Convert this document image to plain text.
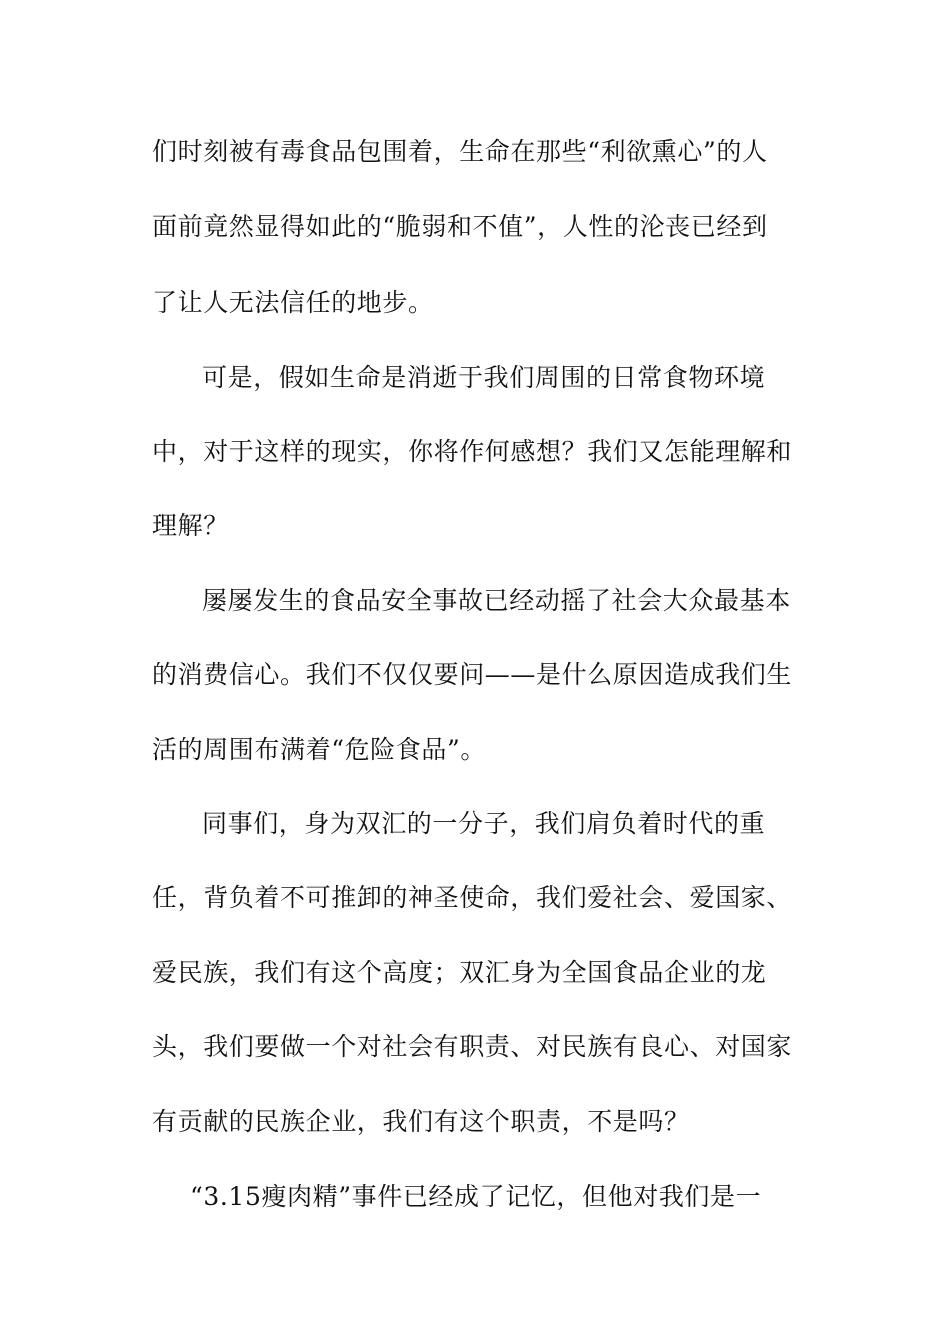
们时刻被有毒食品包围着，生命在那些“利欲熏心”的人
面前竟然显得如此的“脆弱和不值”，人性的沦丧已经到
了让人无法信任的地步。
可是，假如生命是消逝于我们周围的日常食物环境
中，对于这样的现实，你将作何感想？我们又怎能理解和
理解？
屡屡发生的食品安全事故已经动摇了社会大众最基本
的消费信心。我们不仅仅要问——是什么原因造成我们生
活的周围布满着“危险食品”。
同事们，身为双汇的一分子，我们肩负着时代的重
任，背负着不可推卸的神圣使命，我们爱社会、爱国家、
爱民族，我们有这个高度；双汇身为全国食品企业的龙
头，我们要做一个对社会有职责、对民族有良心、对国家
有贡献的民族企业，我们有这个职责，不是吗？
“3.15瘦肉精”事件已经成了记忆，但他对我们是一
